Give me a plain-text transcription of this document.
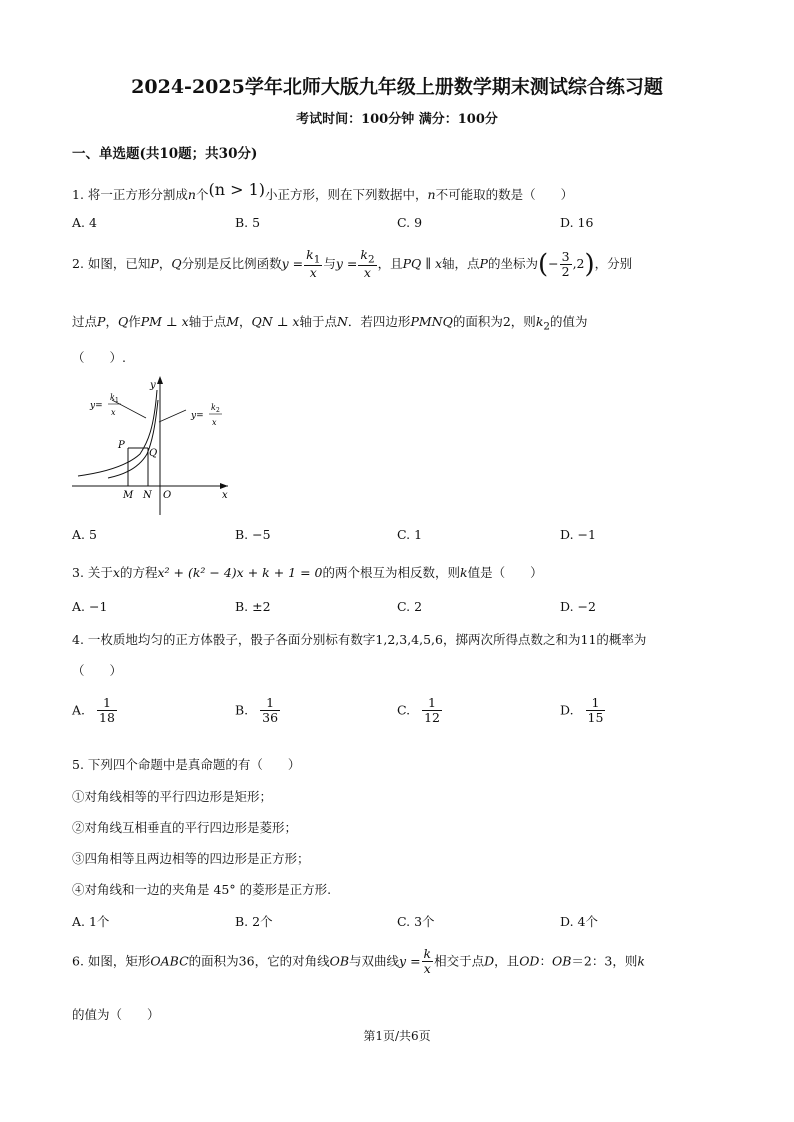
2024-2025学年北师大版九年级上册数学期末测试综合练习题
考试时间：100分钟 满分：100分
一、单选题(共10题；共30分)
1. 将一正方形分割成n个(n > 1)小正方形，则在下列数据中，n不可能取的数是（　　）
A. 4	B. 5	C. 9	D. 16
2. 如图，已知P，Q分别是反比例函数$y = \frac{k_1}{x}$ 与$y = \frac{k_2}{x}$ ，且PQ ∥ x轴，点P的坐标为(− $\frac{3}{2} ,2$)，分别
过点P，Q作PM ⊥ x轴于点M，QN ⊥ x轴于点N．若四边形PMNQ的面积为2，则$k_2$的值为
（　　）.
y
x
O
P
Q
M N
y=
k 1
x	y=
k 2
x
A. 5	B. −5	C. 1	D. −1
3. 关于x的方程x² + (k² − 4)x + k + 1 = 0的两个根互为相反数，则k值是（　　）
A. −1	B. ±2	C. 2	D. −2
4. 一枚质地均匀的正方体骰子，骰子各面分别标有数字1,2,3,4,5,6，掷两次所得点数之和为11的概率为
（　　）
A. $\frac{1}{18}$	B. $\frac{1}{36}$	C. $\frac{1}{12}$	D. $\frac{1}{15}$
5. 下列四个命题中是真命题的有（　　）
①对角线相等的平行四边形是矩形；
②对角线互相垂直的平行四边形是菱形；
③四角相等且两边相等的四边形是正方形；
④对角线和一边的夹角是 45° 的菱形是正方形.
A. 1个	B. 2个	C. 3个	D. 4个
6. 如图，矩形OABC的面积为36，它的对角线OB与双曲线$y = \frac{k}{x}$ 相交于点D，且OD：OB＝2：3，则k
的值为（　　）
第1页/共6页
